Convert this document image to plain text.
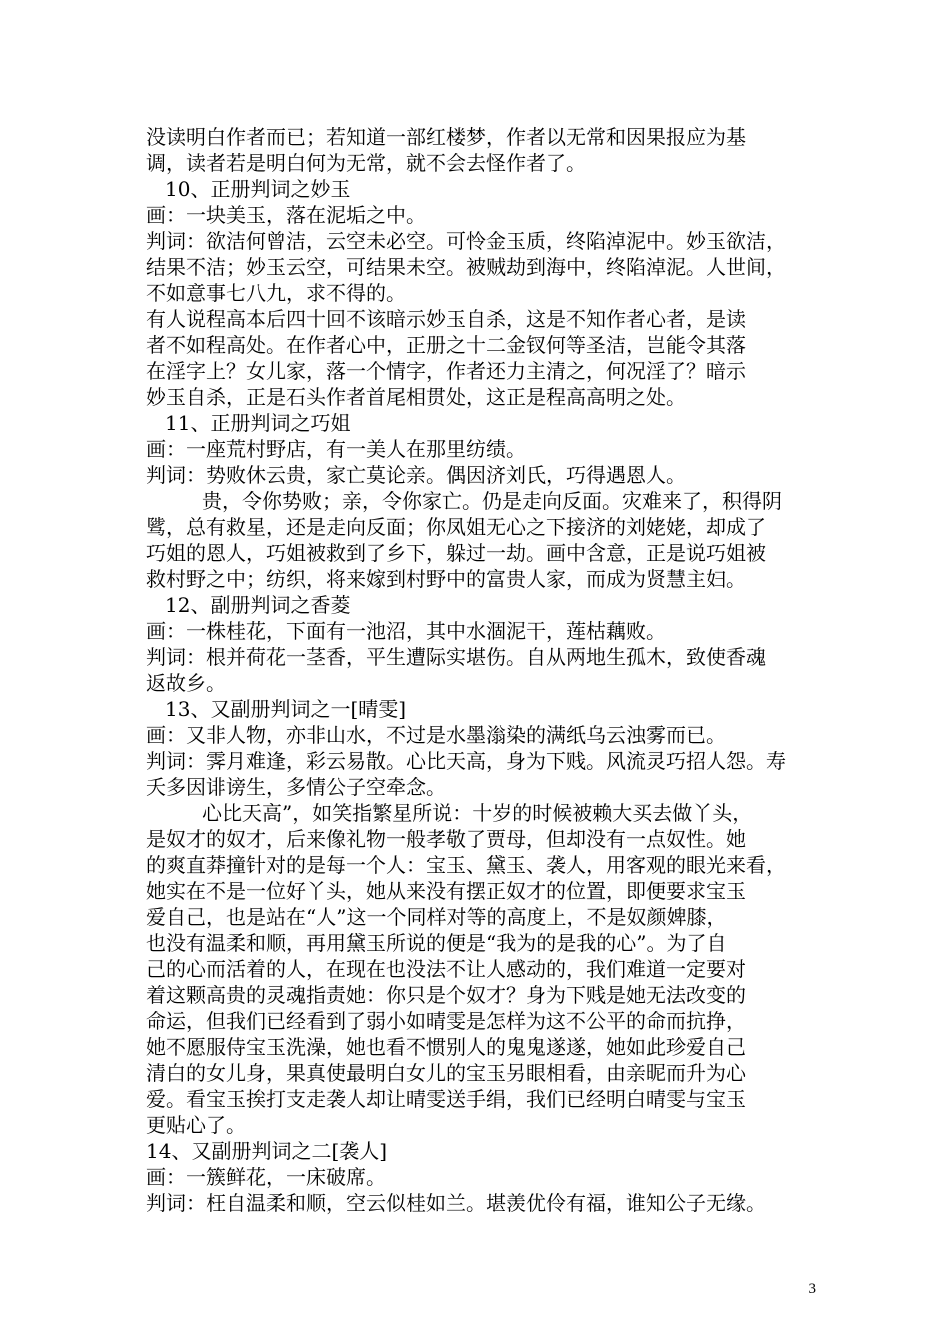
没读明白作者而已；若知道一部红楼梦，作者以无常和因果报应为基
调，读者若是明白何为无常，就不会去怪作者了。

10、正册判词之妙玉

画：一块美玉，落在泥垢之中。

判词：欲洁何曾洁，云空未必空。可怜金玉质，终陷淖泥中。妙玉欲洁，
结果不洁；妙玉云空，可结果未空。被贼劫到海中，终陷淖泥。人世间，
不如意事七八九，求不得的。

有人说程高本后四十回不该暗示妙玉自杀，这是不知作者心者，是读
者不如程高处。在作者心中，正册之十二金钗何等圣洁，岂能令其落
在淫字上？女儿家，落一个情字，作者还力主清之，何况淫了？暗示
妙玉自杀，正是石头作者首尾相贯处，这正是程高高明之处。

11、正册判词之巧姐

画：一座荒村野店，有一美人在那里纺绩。

判词：势败休云贵，家亡莫论亲。偶因济刘氏，巧得遇恩人。

贵，令你势败；亲，令你家亡。仍是走向反面。灾难来了，积得阴

骘，总有救星，还是走向反面；你凤姐无心之下接济的刘姥姥，却成了
巧姐的恩人，巧姐被救到了乡下，躲过一劫。画中含意，正是说巧姐被
救村野之中；纺织，将来嫁到村野中的富贵人家，而成为贤慧主妇。

12、副册判词之香菱

画：一株桂花，下面有一池沼，其中水涸泥干，莲枯藕败。

判词：根并荷花一茎香，平生遭际实堪伤。自从两地生孤木，致使香魂
返故乡。

13、又副册判词之一[晴雯]

画：又非人物，亦非山水，不过是水墨滃染的满纸乌云浊雾而已。

判词：霁月难逢，彩云易散。心比天高，身为下贱。风流灵巧招人怨。寿
夭多因诽谤生，多情公子空牵念。

心比天高”，如笑指繁星所说：十岁的时候被赖大买去做丫头，

是奴才的奴才，后来像礼物一般孝敬了贾母，但却没有一点奴性。她
的爽直莽撞针对的是每一个人：宝玉、黛玉、袭人，用客观的眼光来看，
她实在不是一位好丫头，她从来没有摆正奴才的位置，即便要求宝玉
爱自己，也是站在“人”这一个同样对等的高度上，不是奴颜婢膝，
也没有温柔和顺，再用黛玉所说的便是“我为的是我的心”。为了自
己的心而活着的人，在现在也没法不让人感动的，我们难道一定要对
着这颗高贵的灵魂指责她：你只是个奴才？身为下贱是她无法改变的
命运，但我们已经看到了弱小如晴雯是怎样为这不公平的命而抗挣，
她不愿服侍宝玉洗澡，她也看不惯别人的鬼鬼遂遂，她如此珍爱自己
清白的女儿身，果真使最明白女儿的宝玉另眼相看，由亲昵而升为心
爱。看宝玉挨打支走袭人却让晴雯送手绢，我们已经明白晴雯与宝玉
更贴心了。

14、又副册判词之二[袭人]

画：一簇鲜花，一床破席。

判词：枉自温柔和顺，空云似桂如兰。堪羡优伶有福，谁知公子无缘。

3
